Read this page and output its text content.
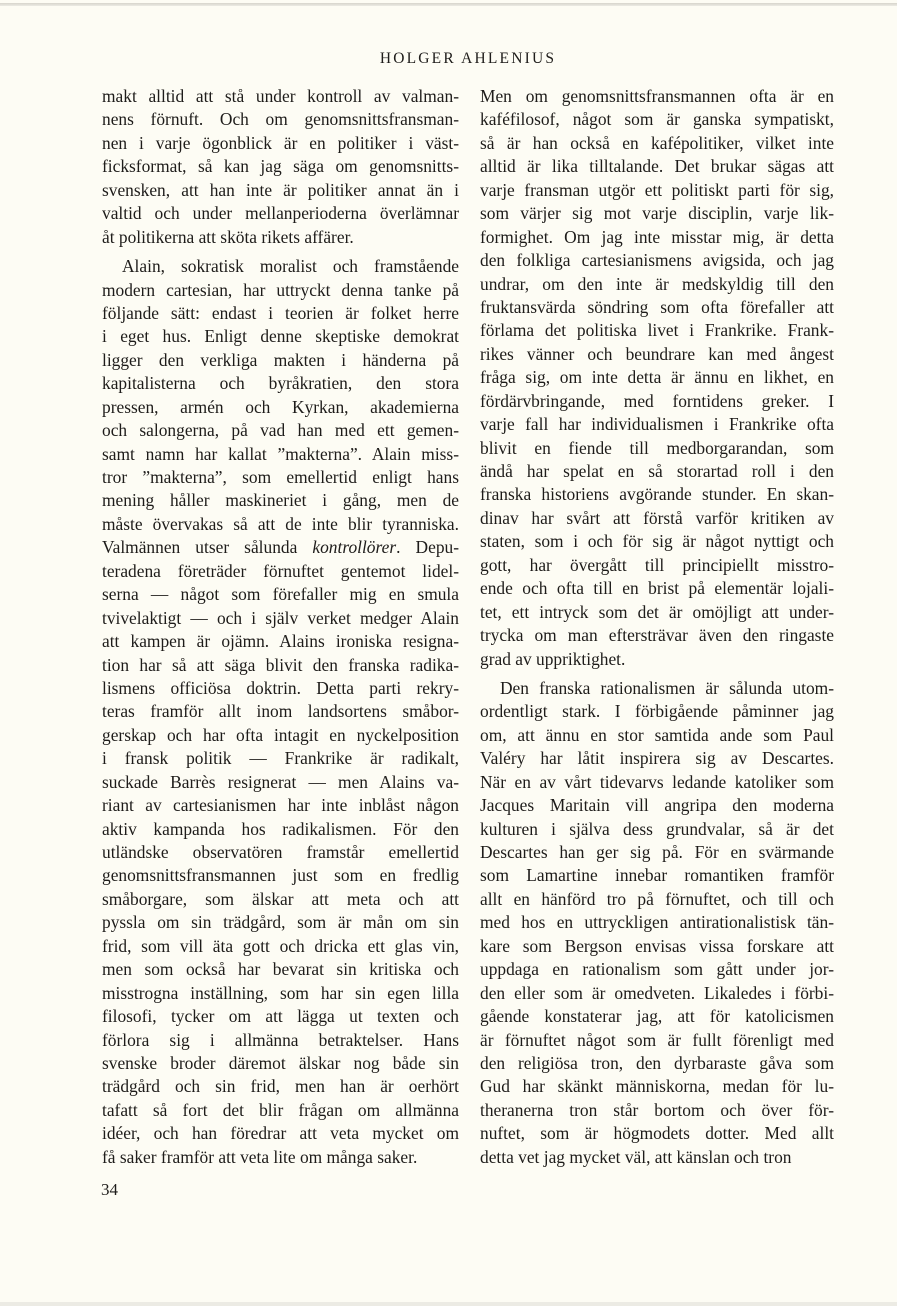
HOLGER AHLENIUS
makt alltid att stå under kontroll av valman-
nens förnuft. Och om genomsnittsfransman-
nen i varje ögonblick är en politiker i väst-
ficksformat, så kan jag säga om genomsnitts-
svensken, att han inte är politiker annat än i
valtid och under mellanperioderna överlämnar
åt politikerna att sköta rikets affärer.
Alain, sokratisk moralist och framstående
modern cartesian, har uttryckt denna tanke på
följande sätt: endast i teorien är folket herre
i eget hus. Enligt denne skeptiske demokrat
ligger den verkliga makten i händerna på
kapitalisterna och byråkratien, den stora
pressen, armén och Kyrkan, akademierna
och salongerna, på vad han med ett gemen-
samt namn har kallat ”makterna”. Alain miss-
tror ”makterna”, som emellertid enligt hans
mening håller maskineriet i gång, men de
måste övervakas så att de inte blir tyranniska.
Valmännen utser sålunda kontrollörer. Depu-
teradena företräder förnuftet gentemot lidel-
serna — något som förefaller mig en smula
tvivelaktigt — och i själv verket medger Alain
att kampen är ojämn. Alains ironiska resigna-
tion har så att säga blivit den franska radika-
lismens officiösa doktrin. Detta parti rekry-
teras framför allt inom landsortens småbor-
gerskap och har ofta intagit en nyckelposition
i fransk politik — Frankrike är radikalt,
suckade Barrès resignerat — men Alains va-
riant av cartesianismen har inte inblåst någon
aktiv kampanda hos radikalismen. För den
utländske observatören framstår emellertid
genomsnittsfransmannen just som en fredlig
småborgare, som älskar att meta och att
pyssla om sin trädgård, som är mån om sin
frid, som vill äta gott och dricka ett glas vin,
men som också har bevarat sin kritiska och
misstrogna inställning, som har sin egen lilla
filosofi, tycker om att lägga ut texten och
förlora sig i allmänna betraktelser. Hans
svenske broder däremot älskar nog både sin
trädgård och sin frid, men han är oerhört
tafatt så fort det blir frågan om allmänna
idéer, och han föredrar att veta mycket om
få saker framför att veta lite om många saker.
Men om genomsnittsfransmannen ofta är en
kaféfilosof, något som är ganska sympatiskt,
så är han också en kafépolitiker, vilket inte
alltid är lika tilltalande. Det brukar sägas att
varje fransman utgör ett politiskt parti för sig,
som värjer sig mot varje disciplin, varje lik-
formighet. Om jag inte misstar mig, är detta
den folkliga cartesianismens avigsida, och jag
undrar, om den inte är medskyldig till den
fruktansvärda söndring som ofta förefaller att
förlama det politiska livet i Frankrike. Frank-
rikes vänner och beundrare kan med ångest
fråga sig, om inte detta är ännu en likhet, en
fördärvbringande, med forntidens greker. I
varje fall har individualismen i Frankrike ofta
blivit en fiende till medborgarandan, som
ändå har spelat en så storartad roll i den
franska historiens avgörande stunder. En skan-
dinav har svårt att förstå varför kritiken av
staten, som i och för sig är något nyttigt och
gott, har övergått till principiellt misstro-
ende och ofta till en brist på elementär lojali-
tet, ett intryck som det är omöjligt att under-
trycka om man eftersträvar även den ringaste
grad av uppriktighet.
Den franska rationalismen är sålunda utom-
ordentligt stark. I förbigående påminner jag
om, att ännu en stor samtida ande som Paul
Valéry har låtit inspirera sig av Descartes.
När en av vårt tidevarvs ledande katoliker som
Jacques Maritain vill angripa den moderna
kulturen i själva dess grundvalar, så är det
Descartes han ger sig på. För en svärmande
som Lamartine innebar romantiken framför
allt en hänförd tro på förnuftet, och till och
med hos en uttryckligen antirationalistisk tän-
kare som Bergson envisas vissa forskare att
uppdaga en rationalism som gått under jor-
den eller som är omedveten. Likaledes i förbi-
gående konstaterar jag, att för katolicismen
är förnuftet något som är fullt förenligt med
den religiösa tron, den dyrbaraste gåva som
Gud har skänkt människorna, medan för lu-
theranerna tron står bortom och över för-
nuftet, som är högmodets dotter. Med allt
detta vet jag mycket väl, att känslan och tron
34
